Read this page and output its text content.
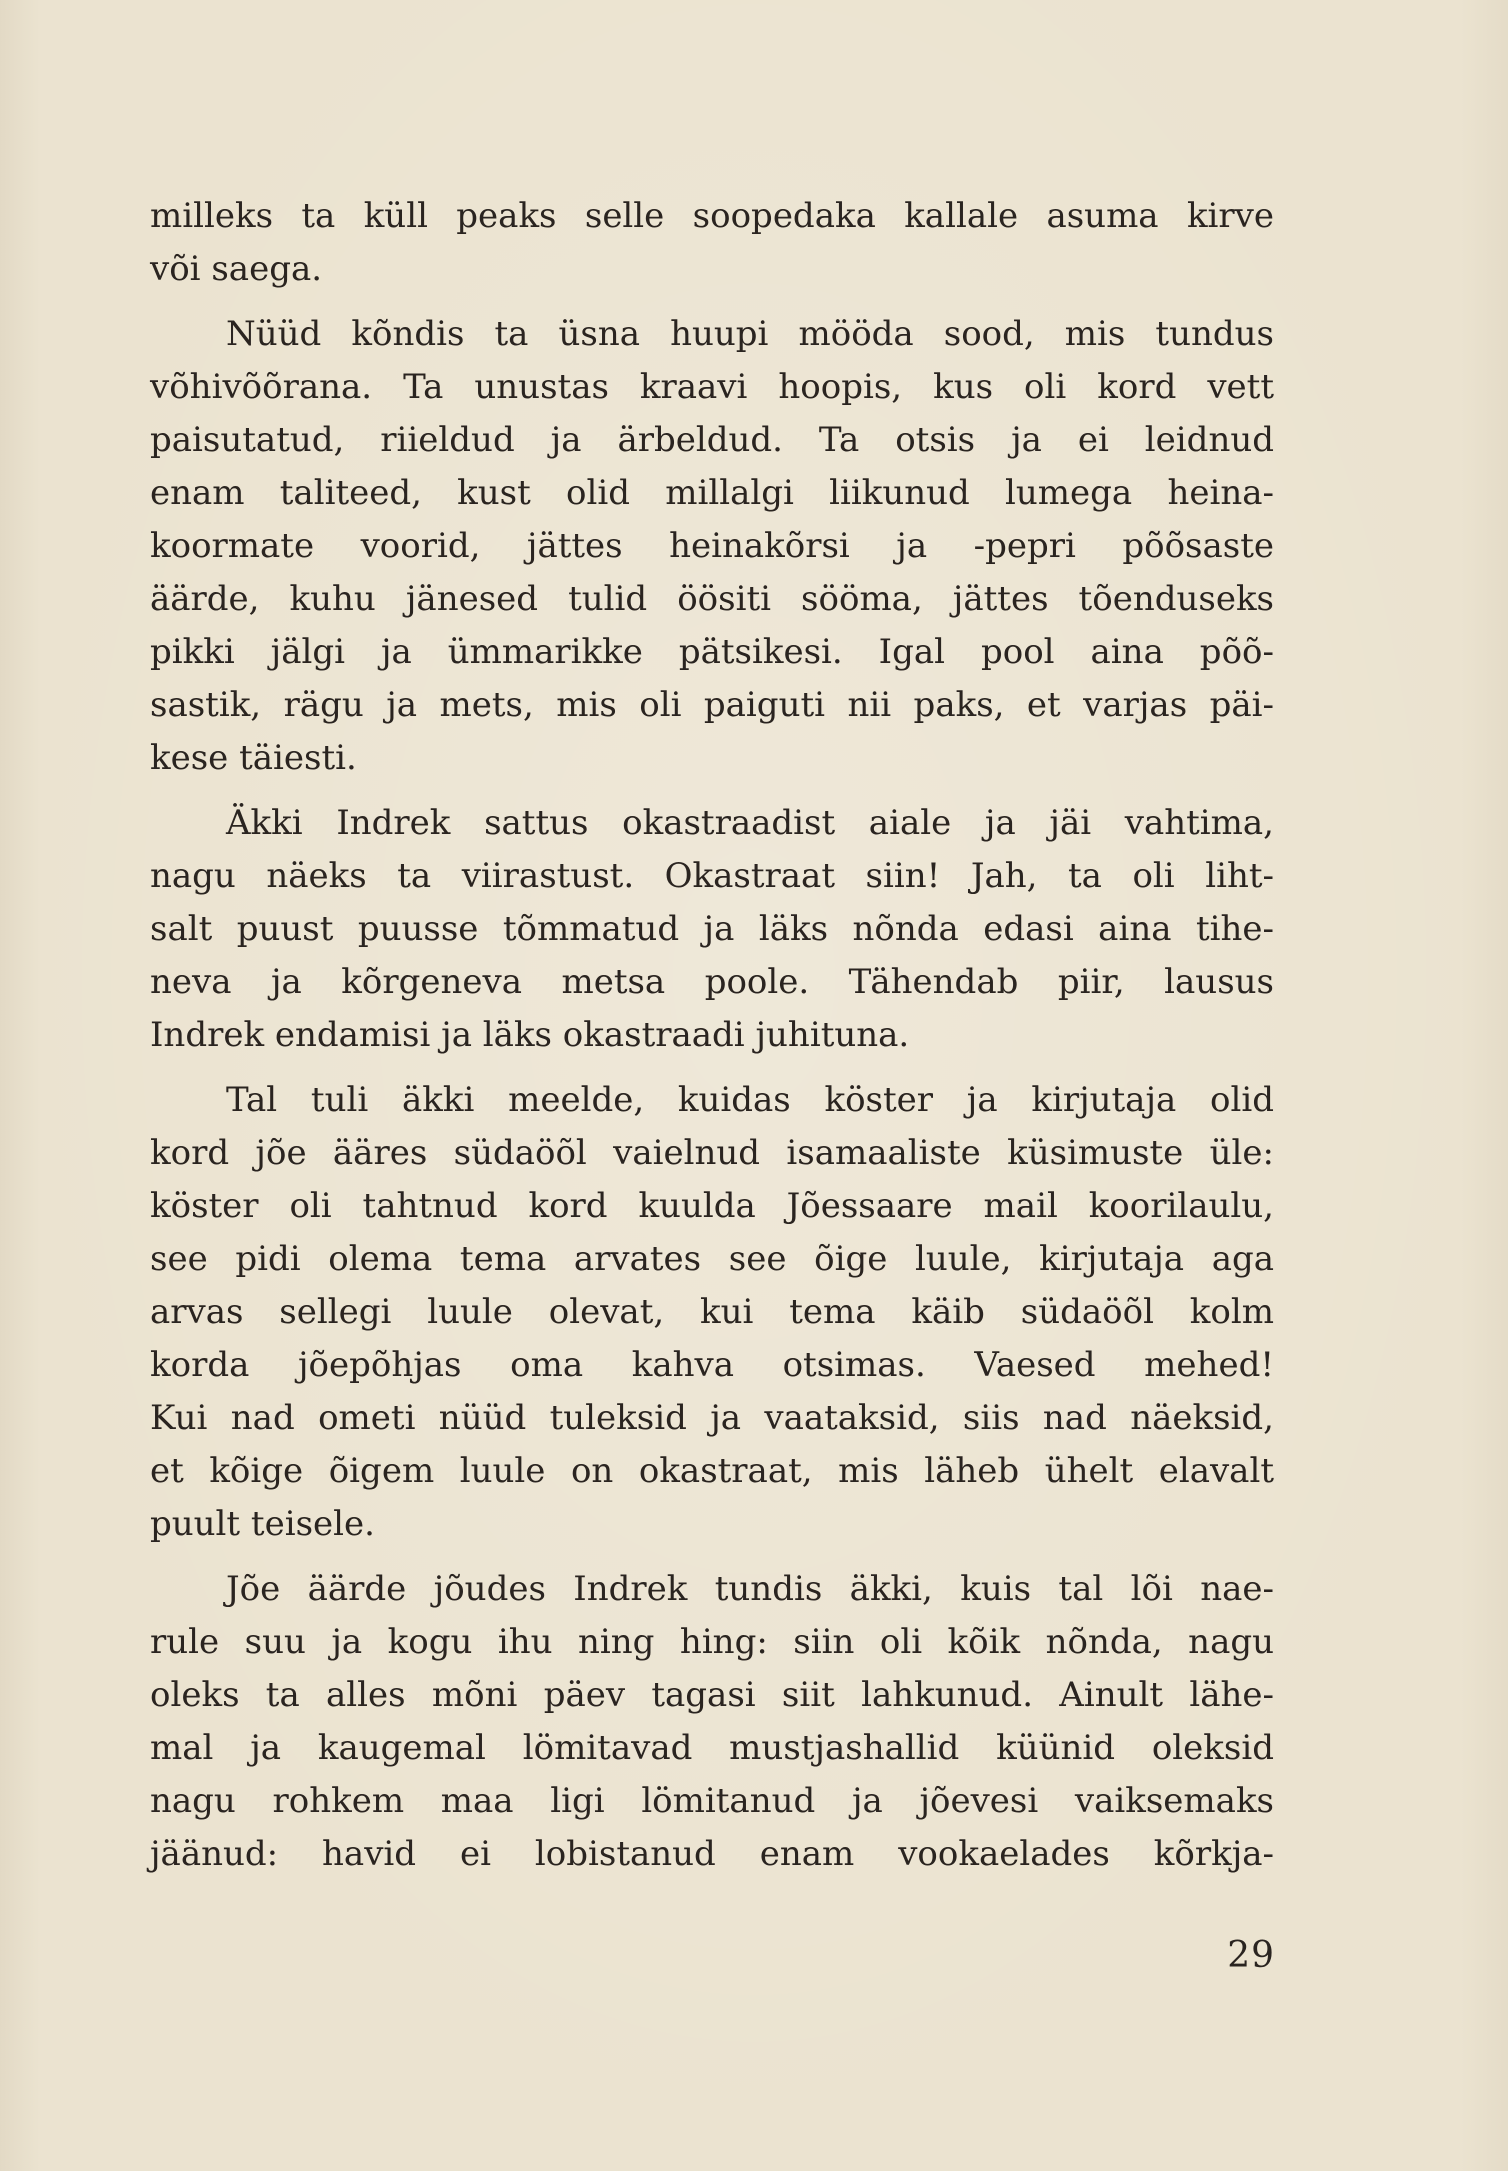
milleks ta küll peaks selle soopedaka kallale asuma kirve
või saega.

Nüüd kõndis ta üsna huupi mööda sood, mis tundus
võhivõõrana. Ta unustas kraavi hoopis, kus oli kord vett
paisutatud, riieldud ja ärbeldud. Ta otsis ja ei leidnud
enam taliteed, kust olid millalgi liikunud lumega heina-
koormate voorid, jättes heinakõrsi ja -pepri põõsaste
äärde, kuhu jänesed tulid öösiti sööma, jättes tõenduseks
pikki jälgi ja ümmarikke pätsikesi. Igal pool aina põõ-
sastik, rägu ja mets, mis oli paiguti nii paks, et varjas päi-
kese täiesti.

Äkki Indrek sattus okastraadist aiale ja jäi vahtima,
nagu näeks ta viirastust. Okastraat siin! Jah, ta oli liht-
salt puust puusse tõmmatud ja läks nõnda edasi aina tihe-
neva ja kõrgeneva metsa poole. Tähendab piir, lausus
Indrek endamisi ja läks okastraadi juhituna.

Tal tuli äkki meelde, kuidas köster ja kirjutaja olid
kord jõe ääres südaöõl vaielnud isamaaliste küsimuste üle:
köster oli tahtnud kord kuulda Jõessaare mail koorilaulu,
see pidi olema tema arvates see õige luule, kirjutaja aga
arvas sellegi luule olevat, kui tema käib südaöõl kolm
korda jõepõhjas oma kahva otsimas. Vaesed mehed!
Kui nad ometi nüüd tuleksid ja vaataksid, siis nad näeksid,
et kõige õigem luule on okastraat, mis läheb ühelt elavalt
puult teisele.

Jõe äärde jõudes Indrek tundis äkki, kuis tal lõi nae-
rule suu ja kogu ihu ning hing: siin oli kõik nõnda, nagu
oleks ta alles mõni päev tagasi siit lahkunud. Ainult lähe-
mal ja kaugemal lömitavad mustjashallid küünid oleksid
nagu rohkem maa ligi lömitanud ja jõevesi vaiksemaks
jäänud: havid ei lobistanud enam vookaelades kõrkja-

29
